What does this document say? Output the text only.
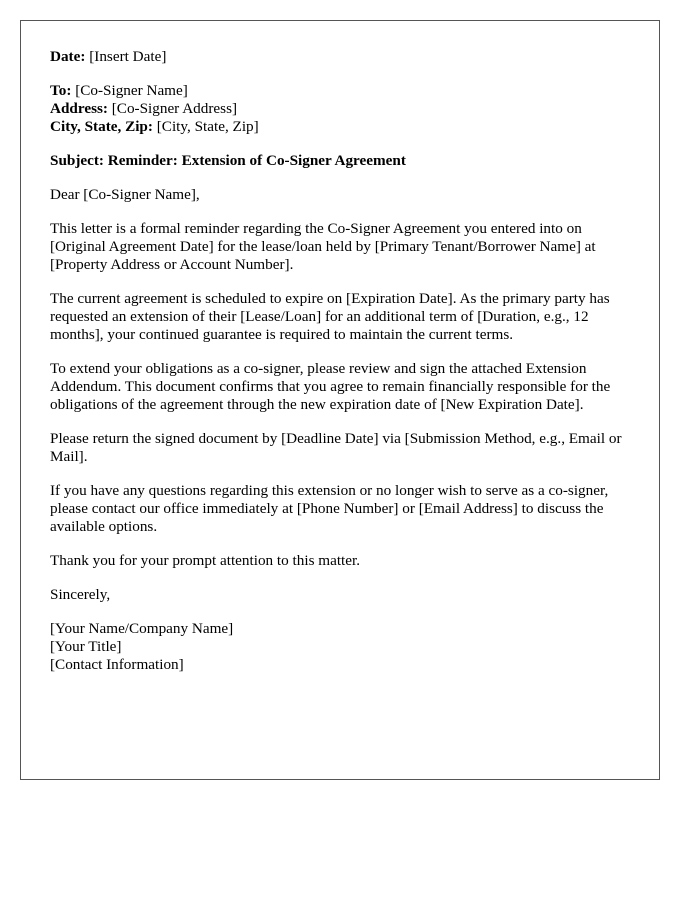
Date: [Insert Date]

To: [Co-Signer Name]
Address: [Co-Signer Address]
City, State, Zip: [City, State, Zip]

Subject: Reminder: Extension of Co-Signer Agreement

Dear [Co-Signer Name],

This letter is a formal reminder regarding the Co-Signer Agreement you entered into on [Original Agreement Date] for the lease/loan held by [Primary Tenant/Borrower Name] at [Property Address or Account Number].

The current agreement is scheduled to expire on [Expiration Date]. As the primary party has requested an extension of their [Lease/Loan] for an additional term of [Duration, e.g., 12 months], your continued guarantee is required to maintain the current terms.

To extend your obligations as a co-signer, please review and sign the attached Extension Addendum. This document confirms that you agree to remain financially responsible for the obligations of the agreement through the new expiration date of [New Expiration Date].

Please return the signed document by [Deadline Date] via [Submission Method, e.g., Email or Mail].

If you have any questions regarding this extension or no longer wish to serve as a co-signer, please contact our office immediately at [Phone Number] or [Email Address] to discuss the available options.

Thank you for your prompt attention to this matter.

Sincerely,

[Your Name/Company Name]
[Your Title]
[Contact Information]
